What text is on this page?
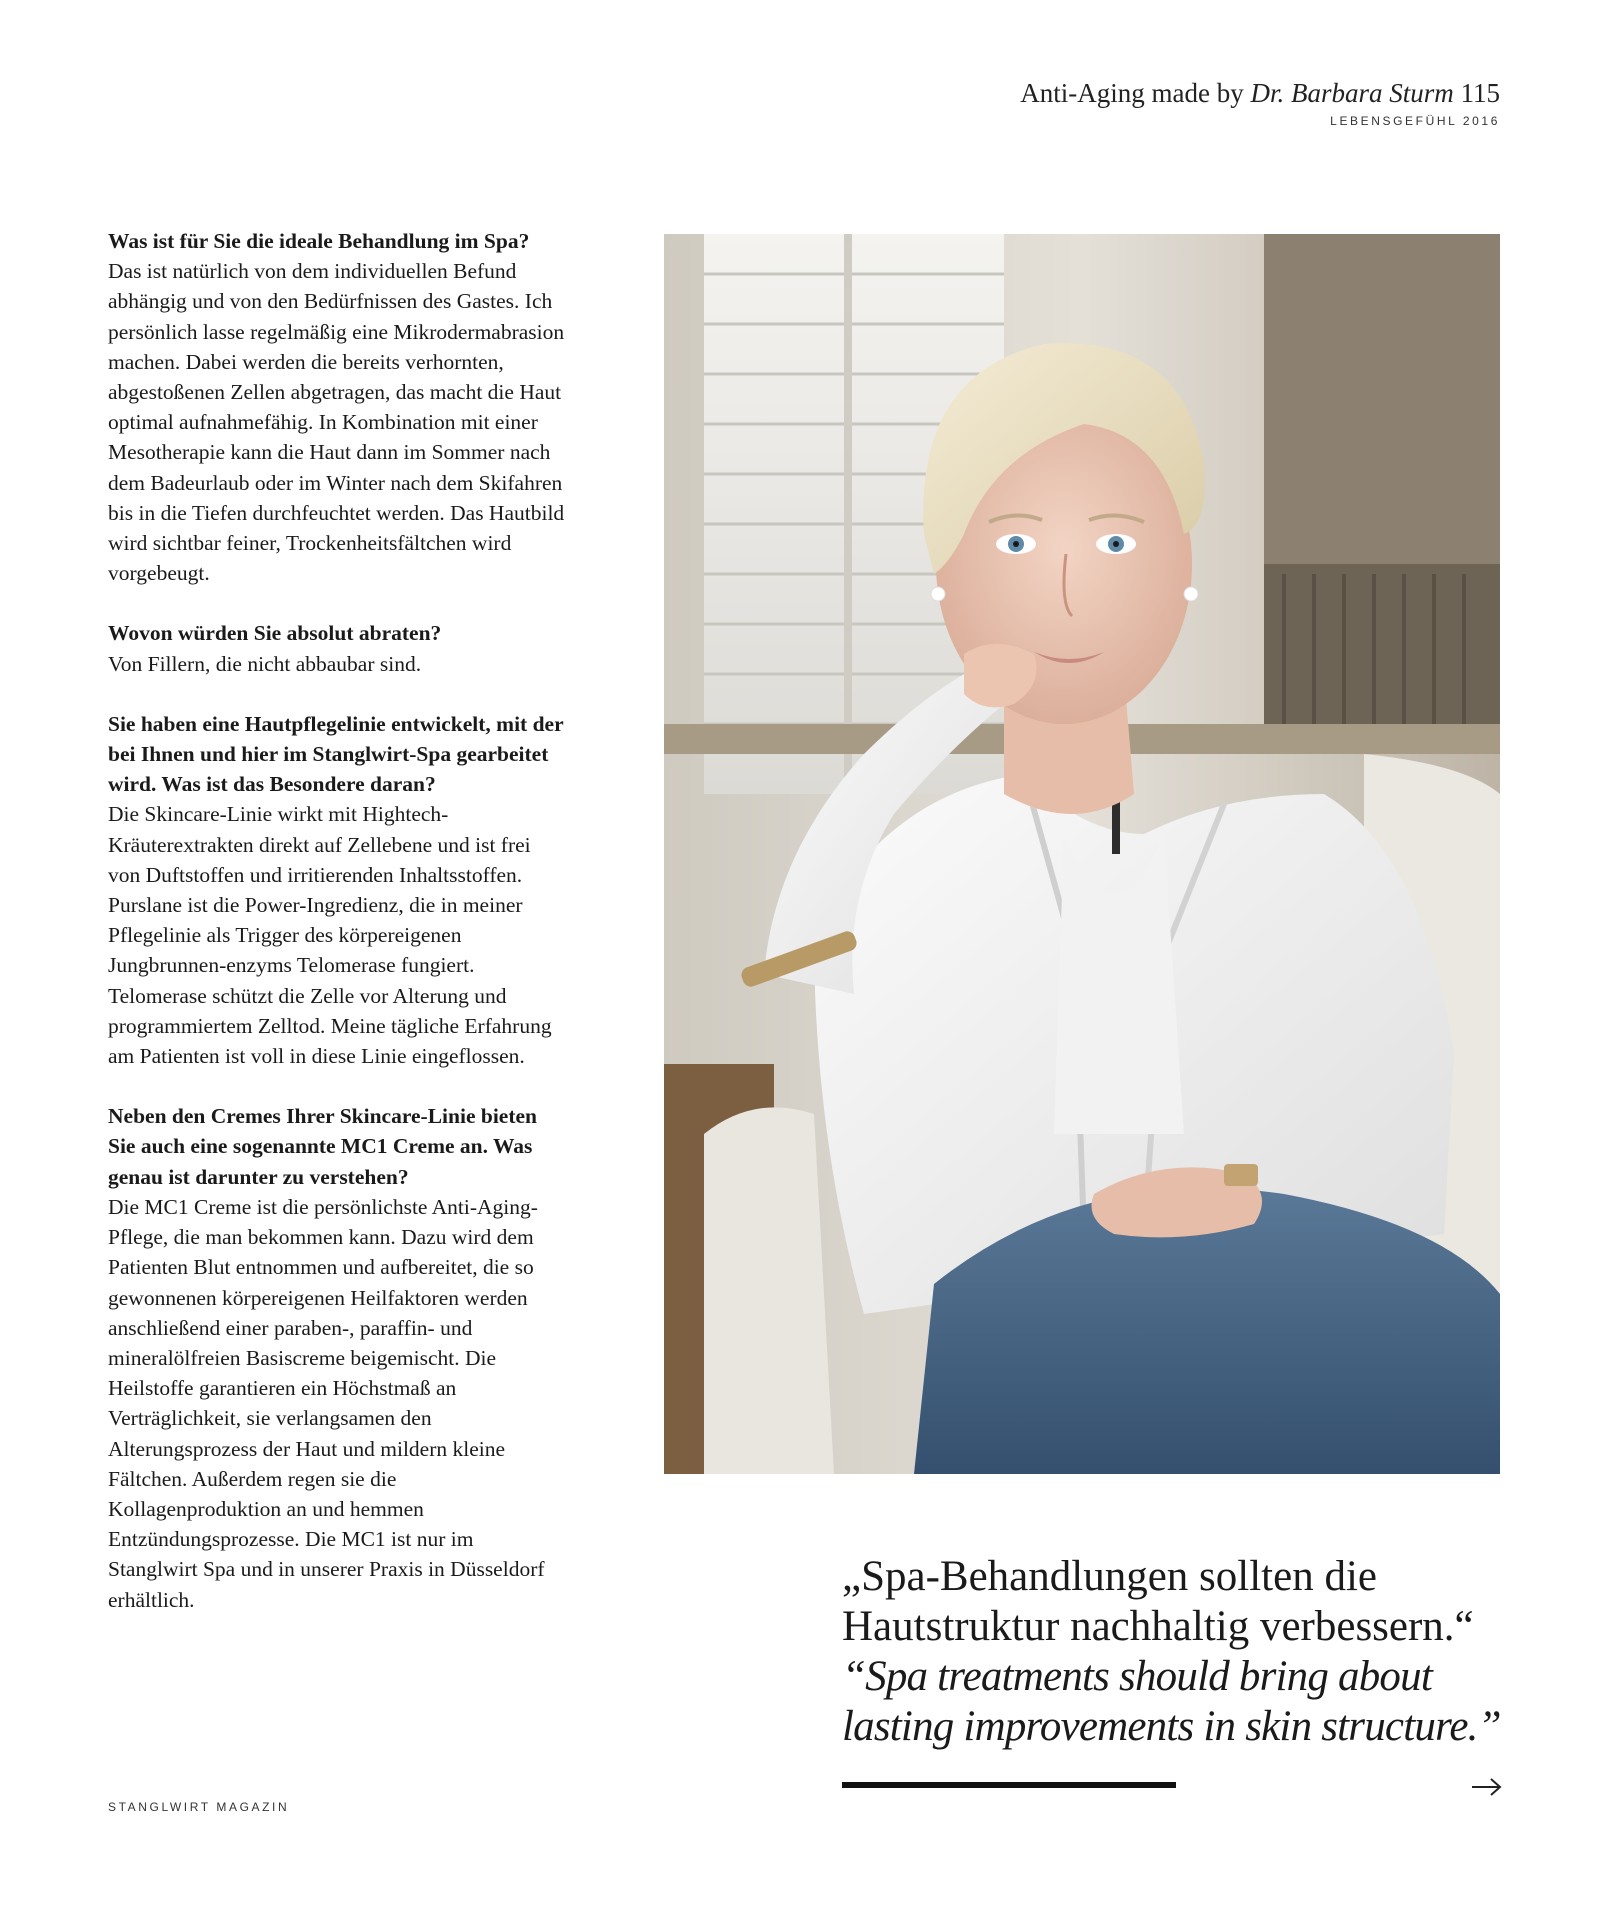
Anti-Aging made by Dr. Barbara Sturm 115
LEBENSGEFÜHL 2016
Was ist für Sie die ideale Behandlung im Spa?
Das ist natürlich von dem individuellen Befund abhängig und von den Bedürfnissen des Gastes. Ich persönlich lasse regelmäßig eine Mikrodermabrasion machen. Dabei werden die bereits verhornten, abgestoßenen Zellen abgetragen, das macht die Haut optimal aufnahmefähig. In Kombination mit einer Mesotherapie kann die Haut dann im Sommer nach dem Badeurlaub oder im Winter nach dem Skifahren bis in die Tiefen durchfeuchtet werden. Das Hautbild wird sichtbar feiner, Trockenheitsfältchen wird vorgebeugt.
Wovon würden Sie absolut abraten?
Von Fillern, die nicht abbaubar sind.
Sie haben eine Hautpflegelinie entwickelt, mit der bei Ihnen und hier im Stanglwirt-Spa gearbeitet wird. Was ist das Besondere daran?
Die Skincare-Linie wirkt mit Hightech-Kräuterextrakten direkt auf Zellebene und ist frei von Duftstoffen und irritierenden Inhaltsstoffen. Purslane ist die Power-Ingredienz, die in meiner Pflegelinie als Trigger des körpereigenen Jungbrunnen-enzyms Telomerase fungiert. Telomerase schützt die Zelle vor Alterung und programmiertem Zelltod. Meine tägliche Erfahrung am Patienten ist voll in diese Linie eingeflossen.
Neben den Cremes Ihrer Skincare-Linie bieten Sie auch eine sogenannte MC1 Creme an. Was genau ist darunter zu verstehen?
Die MC1 Creme ist die persönlichste Anti-Aging-Pflege, die man bekommen kann. Dazu wird dem Patienten Blut entnommen und aufbereitet, die so gewonnenen körpereigenen Heilfaktoren werden anschließend einer paraben-, paraffin- und mineralölfreien Basiscreme beigemischt. Die Heilstoffe garantieren ein Höchstmaß an Verträglichkeit, sie verlangsamen den Alterungsprozess der Haut und mildern kleine Fältchen. Außerdem regen sie die Kollagenproduktion an und hemmen Entzündungsprozesse. Die MC1 ist nur im Stanglwirt Spa und in unserer Praxis in Düsseldorf erhältlich.	„Spa-Behandlungen sollten die Hautstruktur nachhaltig verbessern.“
“Spa treatments should bring about lasting improvements in skin structure.”
STANGLWIRT MAGAZIN
